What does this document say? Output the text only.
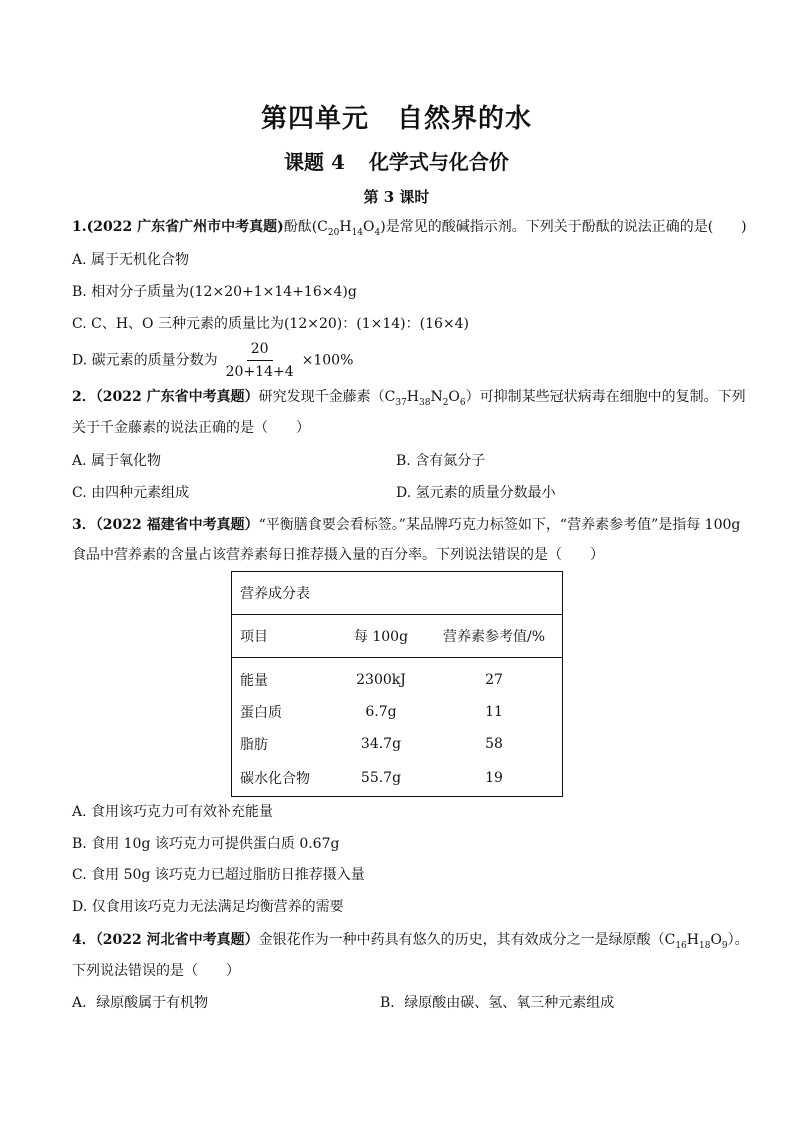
第四单元 自然界的水
课题 4 化学式与化合价
第 3 课时
1.(2022 广东省广州市中考真题)酚酞$(C_{20}H_{14}O_4)$是常见的酸碱指示剂。下列关于酚酞的说法正确的是(　　)
A. 属于无机化合物
B. 相对分子质量为(12×20+1×14+16×4)g
C. C、H、O 三种元素的质量比为(12×20)：(1×14)：(16×4)
D. 碳元素的质量分数为 $\frac{20}{20+14+4} \times 100\%$
2．（2022 广东省中考真题）研究发现千金藤素$(C_{37}H_{38}N_2O_6)$可抑制某些冠状病毒在细胞中的复制。下列
关于千金藤素的说法正确的是（　　）
A. 属于氧化物	B. 含有氮分子
C. 由四种元素组成	D. 氢元素的质量分数最小
3．（2022 福建省中考真题）“平衡膳食要会看标签。”某品牌巧克力标签如下，“营养素参考值”是指每 100g
食品中营养素的含量占该营养素每日推荐摄入量的百分率。下列说法错误的是（　　）
营养成分表		
项目	每 100g	营养素参考值/%
能量	2300kJ	27
蛋白质	6.7g	11
脂肪	34.7g	58
碳水化合物	55.7g	19
A. 食用该巧克力可有效补充能量
B. 食用 10g 该巧克力可提供蛋白质 0.67g
C. 食用 50g 该巧克力已超过脂肪日推荐摄入量
D. 仅食用该巧克力无法满足均衡营养的需要
4．（2022 河北省中考真题）金银花作为一种中药具有悠久的历史，其有效成分之一是绿原酸$(C_{16}H_{18}O_9)$。
下列说法错误的是（　　）
A．绿原酸属于有机物	B．绿原酸由碳、氢、氧三种元素组成
